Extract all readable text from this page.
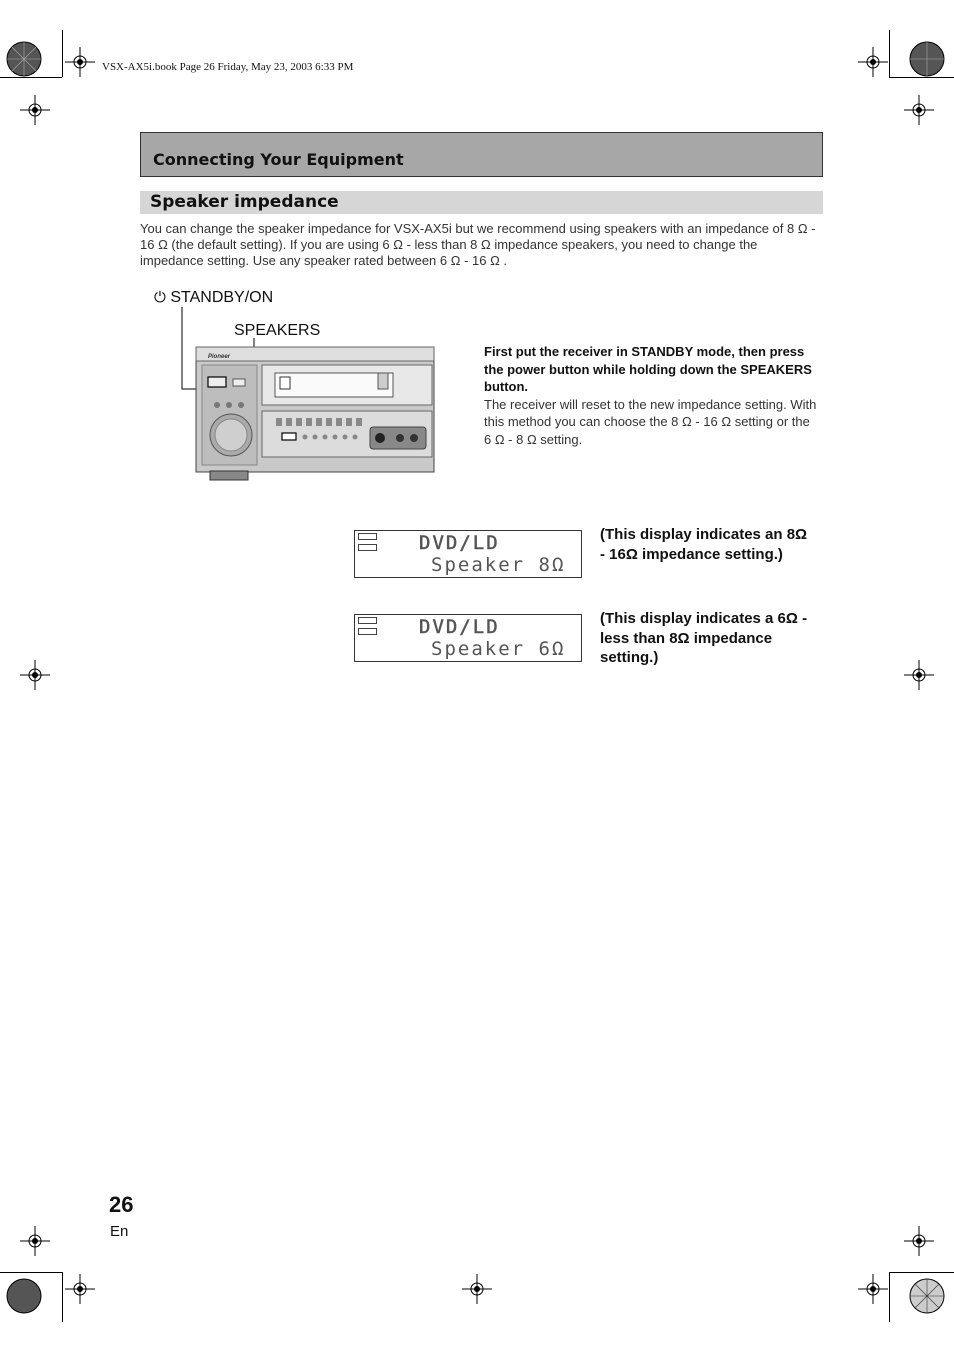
VSX-AX5i.book Page 26 Friday, May 23, 2003 6:33 PM
Connecting Your Equipment
Speaker impedance
You can change the speaker impedance for VSX-AX5i but we recommend using speakers with an impedance of 8 Ω - 16 Ω (the default setting). If you are using 6 Ω - less than 8 Ω impedance speakers, you need to change the impedance setting. Use any speaker rated between 6 Ω - 16 Ω .
⏻ STANDBY/ON
SPEAKERS
Pioneer	First put the receiver in STANDBY mode, then press the power button while holding down the SPEAKERS button.
The receiver will reset to the new impedance setting. With this method you can choose the 8 Ω - 16 Ω setting or the 6 Ω - 8 Ω setting.
DVD/LD
Speaker 8Ω
(This display indicates an 8Ω
- 16Ω impedance setting.)
DVD/LD
Speaker 6Ω
(This display indicates a 6Ω -
less than 8Ω impedance
setting.)
26
En
